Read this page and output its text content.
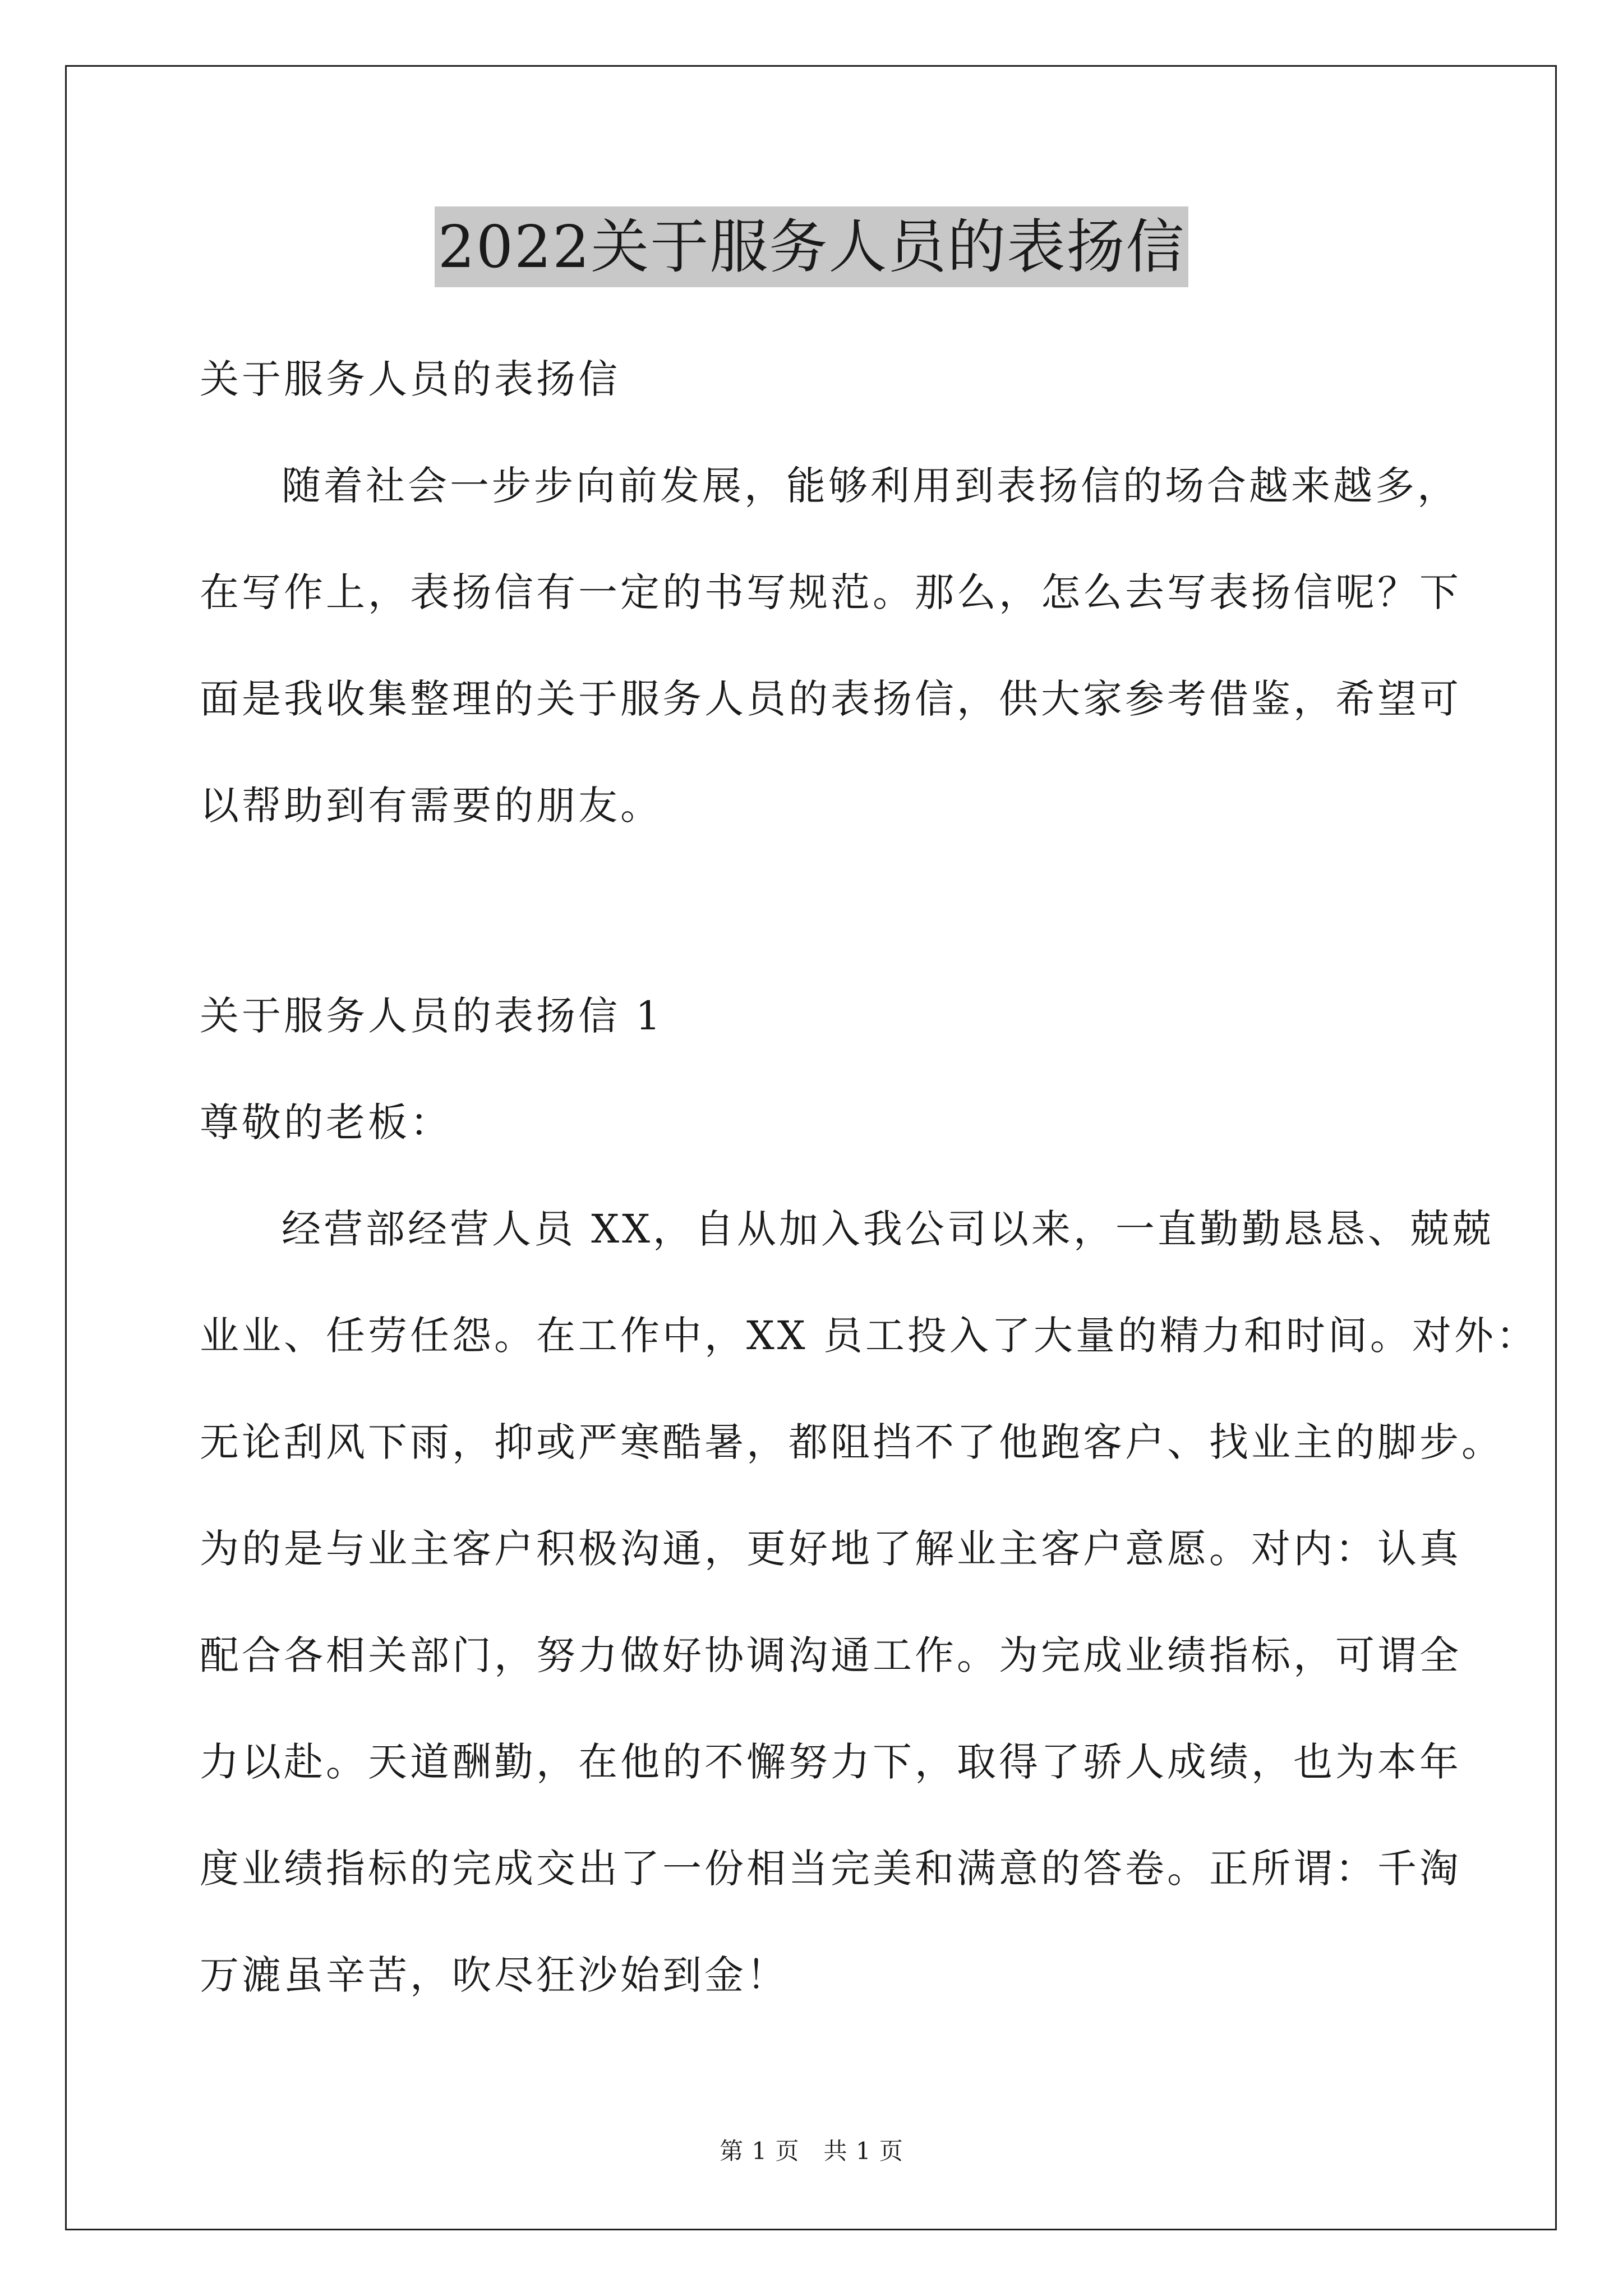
2022关于服务人员的表扬信

关于服务人员的表扬信

随着社会一步步向前发展，能够利用到表扬信的场合越来越多，

在写作上，表扬信有一定的书写规范。那么，怎么去写表扬信呢？下

面是我收集整理的关于服务人员的表扬信，供大家参考借鉴，希望可

以帮助到有需要的朋友。

关于服务人员的表扬信 1

尊敬的老板：

经营部经营人员 XX，自从加入我公司以来，一直勤勤恳恳、兢兢

业业、任劳任怨。在工作中，XX 员工投入了大量的精力和时间。对外：

无论刮风下雨，抑或严寒酷暑，都阻挡不了他跑客户、找业主的脚步。

为的是与业主客户积极沟通，更好地了解业主客户意愿。对内：认真

配合各相关部门，努力做好协调沟通工作。为完成业绩指标，可谓全

力以赴。天道酬勤，在他的不懈努力下，取得了骄人成绩，也为本年

度业绩指标的完成交出了一份相当完美和满意的答卷。正所谓：千淘

万漉虽辛苦，吹尽狂沙始到金！

第 1 页　共 1 页
